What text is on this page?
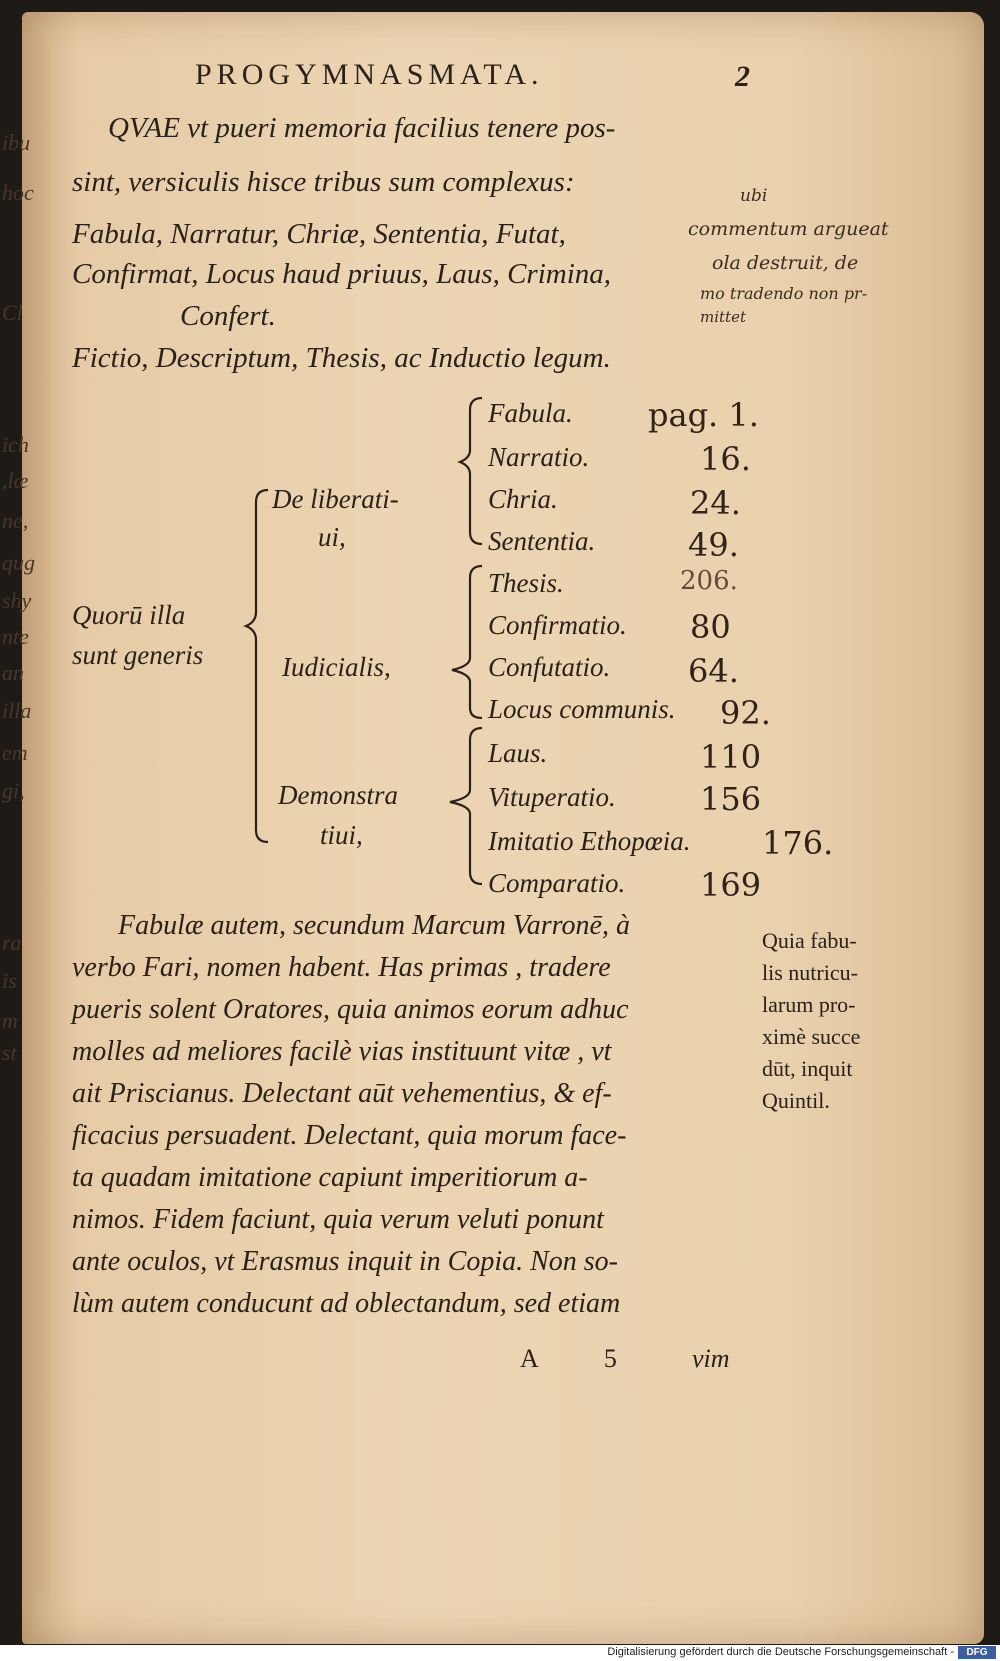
ibu
hoc
Cl
ich
,læ
ne,
qug
shy
nte
an
illa
em
gi,
ra
is
m
st
PROGYMNASMATA.	2
QVAE vt pueri memoria facilius tenere pos-
sint, versiculis hisce tribus sum complexus:
Fabula, Narratur, Chriæ, Sententia, Futat,
Confirmat, Locus haud priuus, Laus, Crimina,
Confert.
Fictio, Descriptum, Thesis, ac Inductio legum.
ubi
commentum argueat
ola destruit, de
mo tradendo non pr-
mittet
Quorū illa
sunt generis
De liberati-
ui,
Iudicialis,
Demonstra
tiui,
Fabula. pag. 1.
Narratio.	16.
Chria.	24.
Sententia.	49.
Thesis.	206.
Confirmatio. 80
Confutatio. 64.
Locus communis. 92.
Laus.	110
Vituperatio.	156
Imitatio Ethopœia. 176.
Comparatio. 169
Fabulæ autem, secundum Marcum Varronē, à
verbo Fari, nomen habent. Has primas , tradere
pueris solent Oratores, quia animos eorum adhuc
molles ad meliores facilè vias instituunt vitæ , vt
ait Priscianus. Delectant aūt vehementius, & ef-
ficacius persuadent. Delectant, quia morum face-
ta quadam imitatione capiunt imperitiorum a-
nimos. Fidem faciunt, quia verum veluti ponunt
ante oculos, vt Erasmus inquit in Copia. Non so-
lùm autem conducunt ad oblectandum, sed etiam
Quia fabu-
lis nutricu-
larum pro-
ximè succe
dūt, inquit
Quintil.
A 5 vim
Digitalisierung gefördert durch die Deutsche Forschungsgemeinschaft -	DFG
